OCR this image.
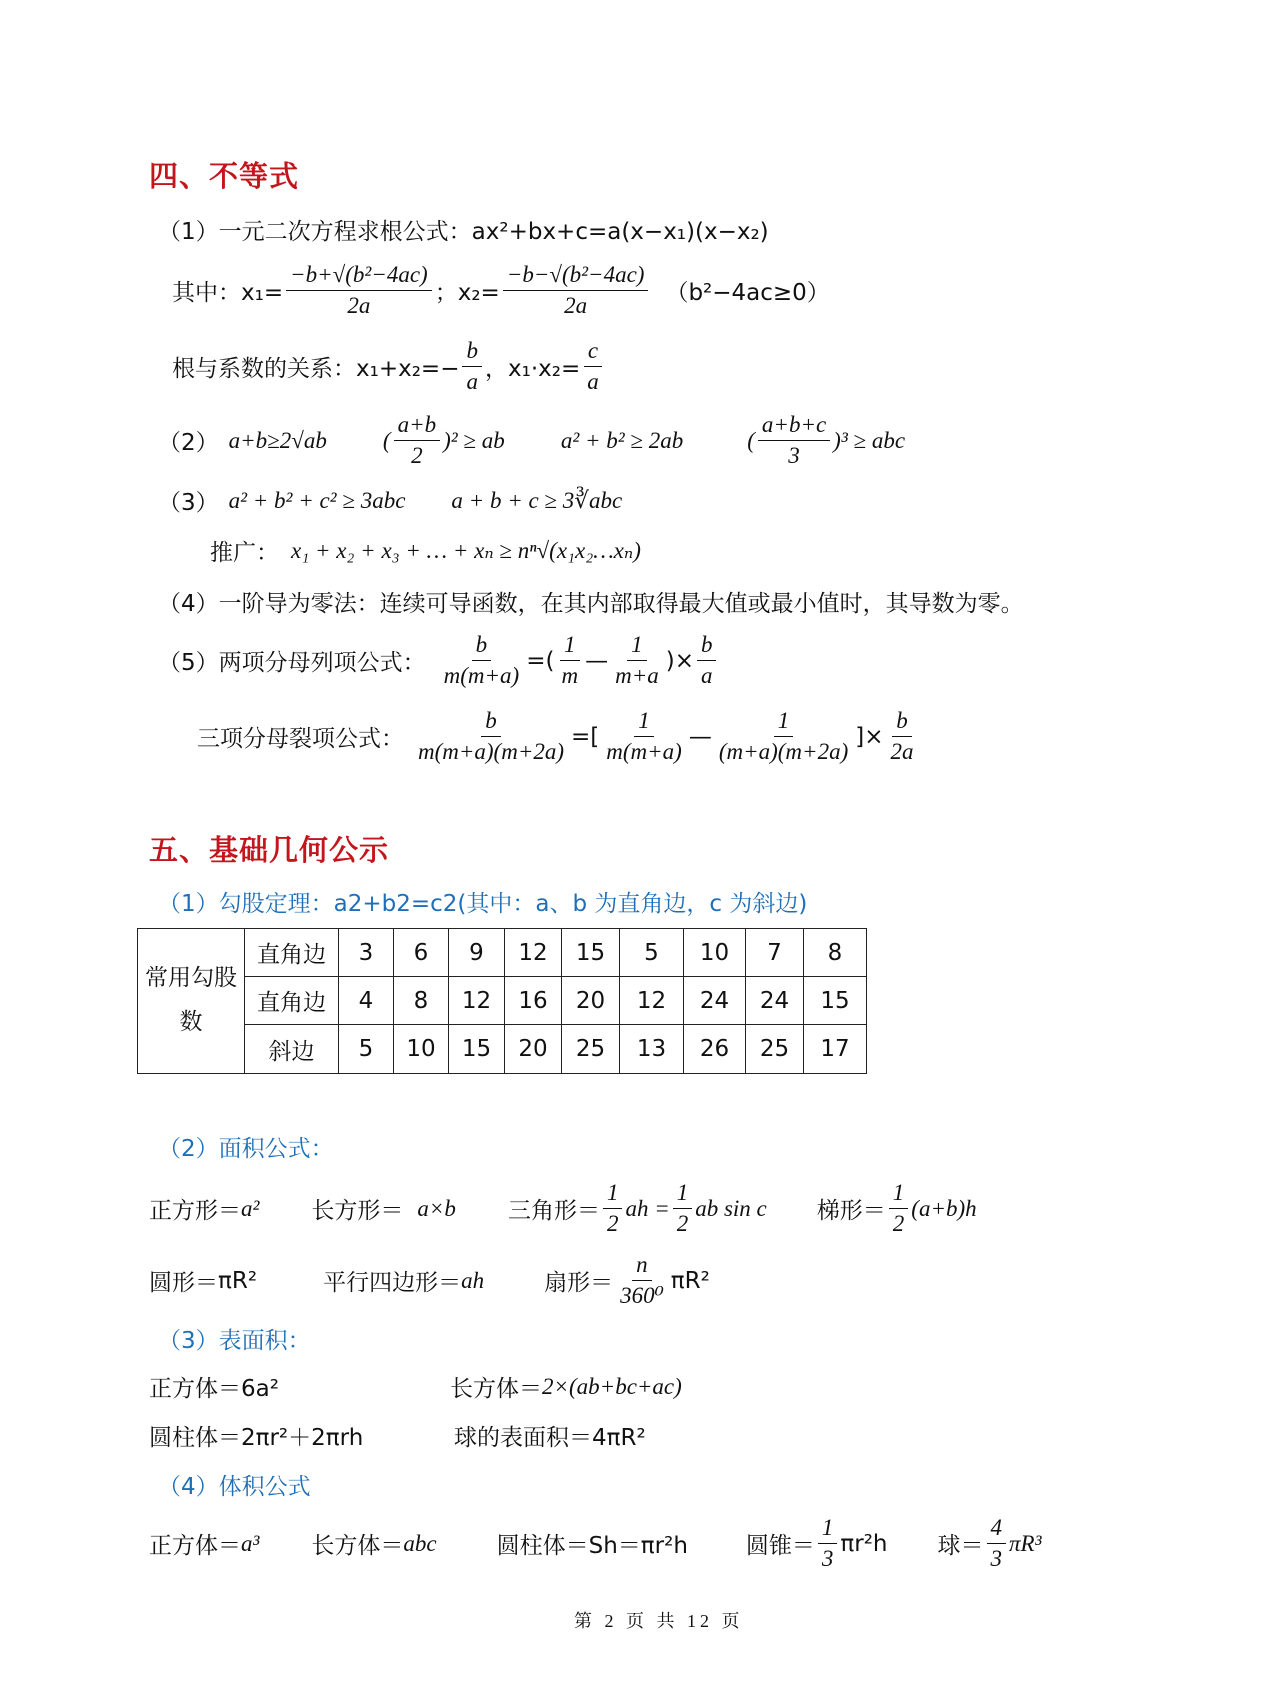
四、不等式
（1）一元二次方程求根公式：ax²+bx+c=a(x−x₁)(x−x₂)
其中：$x_1= \frac{\text{−b+√(b²−4ac)}}{2a}$ ；$x_2= \frac{\text{−b−√(b²−4ac)}}{2a} (b^2-4ac\ge 0)$
根与系数的关系：$x_1+x_2=- \frac{b}{a}$ ，$x_1\cdot x_2= \frac{c}{a}$
（2） a+b≥2√ab ( $\frac{a+b}{2} )^2$ ≥ ab a² + b² ≥ 2ab	( $\frac{a+b+c}{3} )^3$ ≥ abc
（3） a² + b² + c² ≥ 3abc a + b + c ≥ 3∛abc
推广： x₁ + x₂ + x₃ + … + xₙ ≥ nⁿ√(x₁x₂…xₙ)
（4）一阶导为零法：连续可导函数，在其内部取得最大值或最小值时，其导数为零。
（5）两项分母列项公式： $\frac{b}{m(m+a)}$ =( $\frac{1}{m}$ — $\frac{1}{m+a}$ )× $\frac{b}{a}$
三项分母裂项公式： $\frac{b}{m(m+a)(m+2a)}$ =[ $\frac{1}{m(m+a)}$ — $\frac{1}{(m+a)(m+2a)}$ ]× $\frac{b}{2a}$
五、基础几何公示
（1）勾股定理：a2+b2=c2(其中：a、b 为直角边，c 为斜边)
常用勾股数	直角边	3	6	9	12	15	5	10	7	8
	直角边	4	8	12	16	20	12	24	24	15
	斜边	5	10	15	20	25	13	26	25	17
（2）面积公式：
正方形＝ a² 长方形＝ a×b 三角形＝ $\frac{1}{2}$ ah = $\frac{1}{2}$ ab sin c 梯形＝ $\frac{1}{2} (a+b)h$
圆形＝ πR²	平行四边形＝ ah	扇形＝ $\frac{n}{\text{360⁰}} \pi R^2$
（3）表面积：
正方体＝6a²	长方体＝ 2×(ab+bc+ac)
圆柱体＝2πr²＋2πrh	球的表面积＝4πR²
（4）体积公式
正方体＝ a³ 长方体＝ abc	圆柱体＝Sh＝πr²h	圆锥＝ $\frac{1}{3} \pi r^2h$ 球＝ $\frac{4}{3} \pi R^3$
第 2 页 共 12 页
